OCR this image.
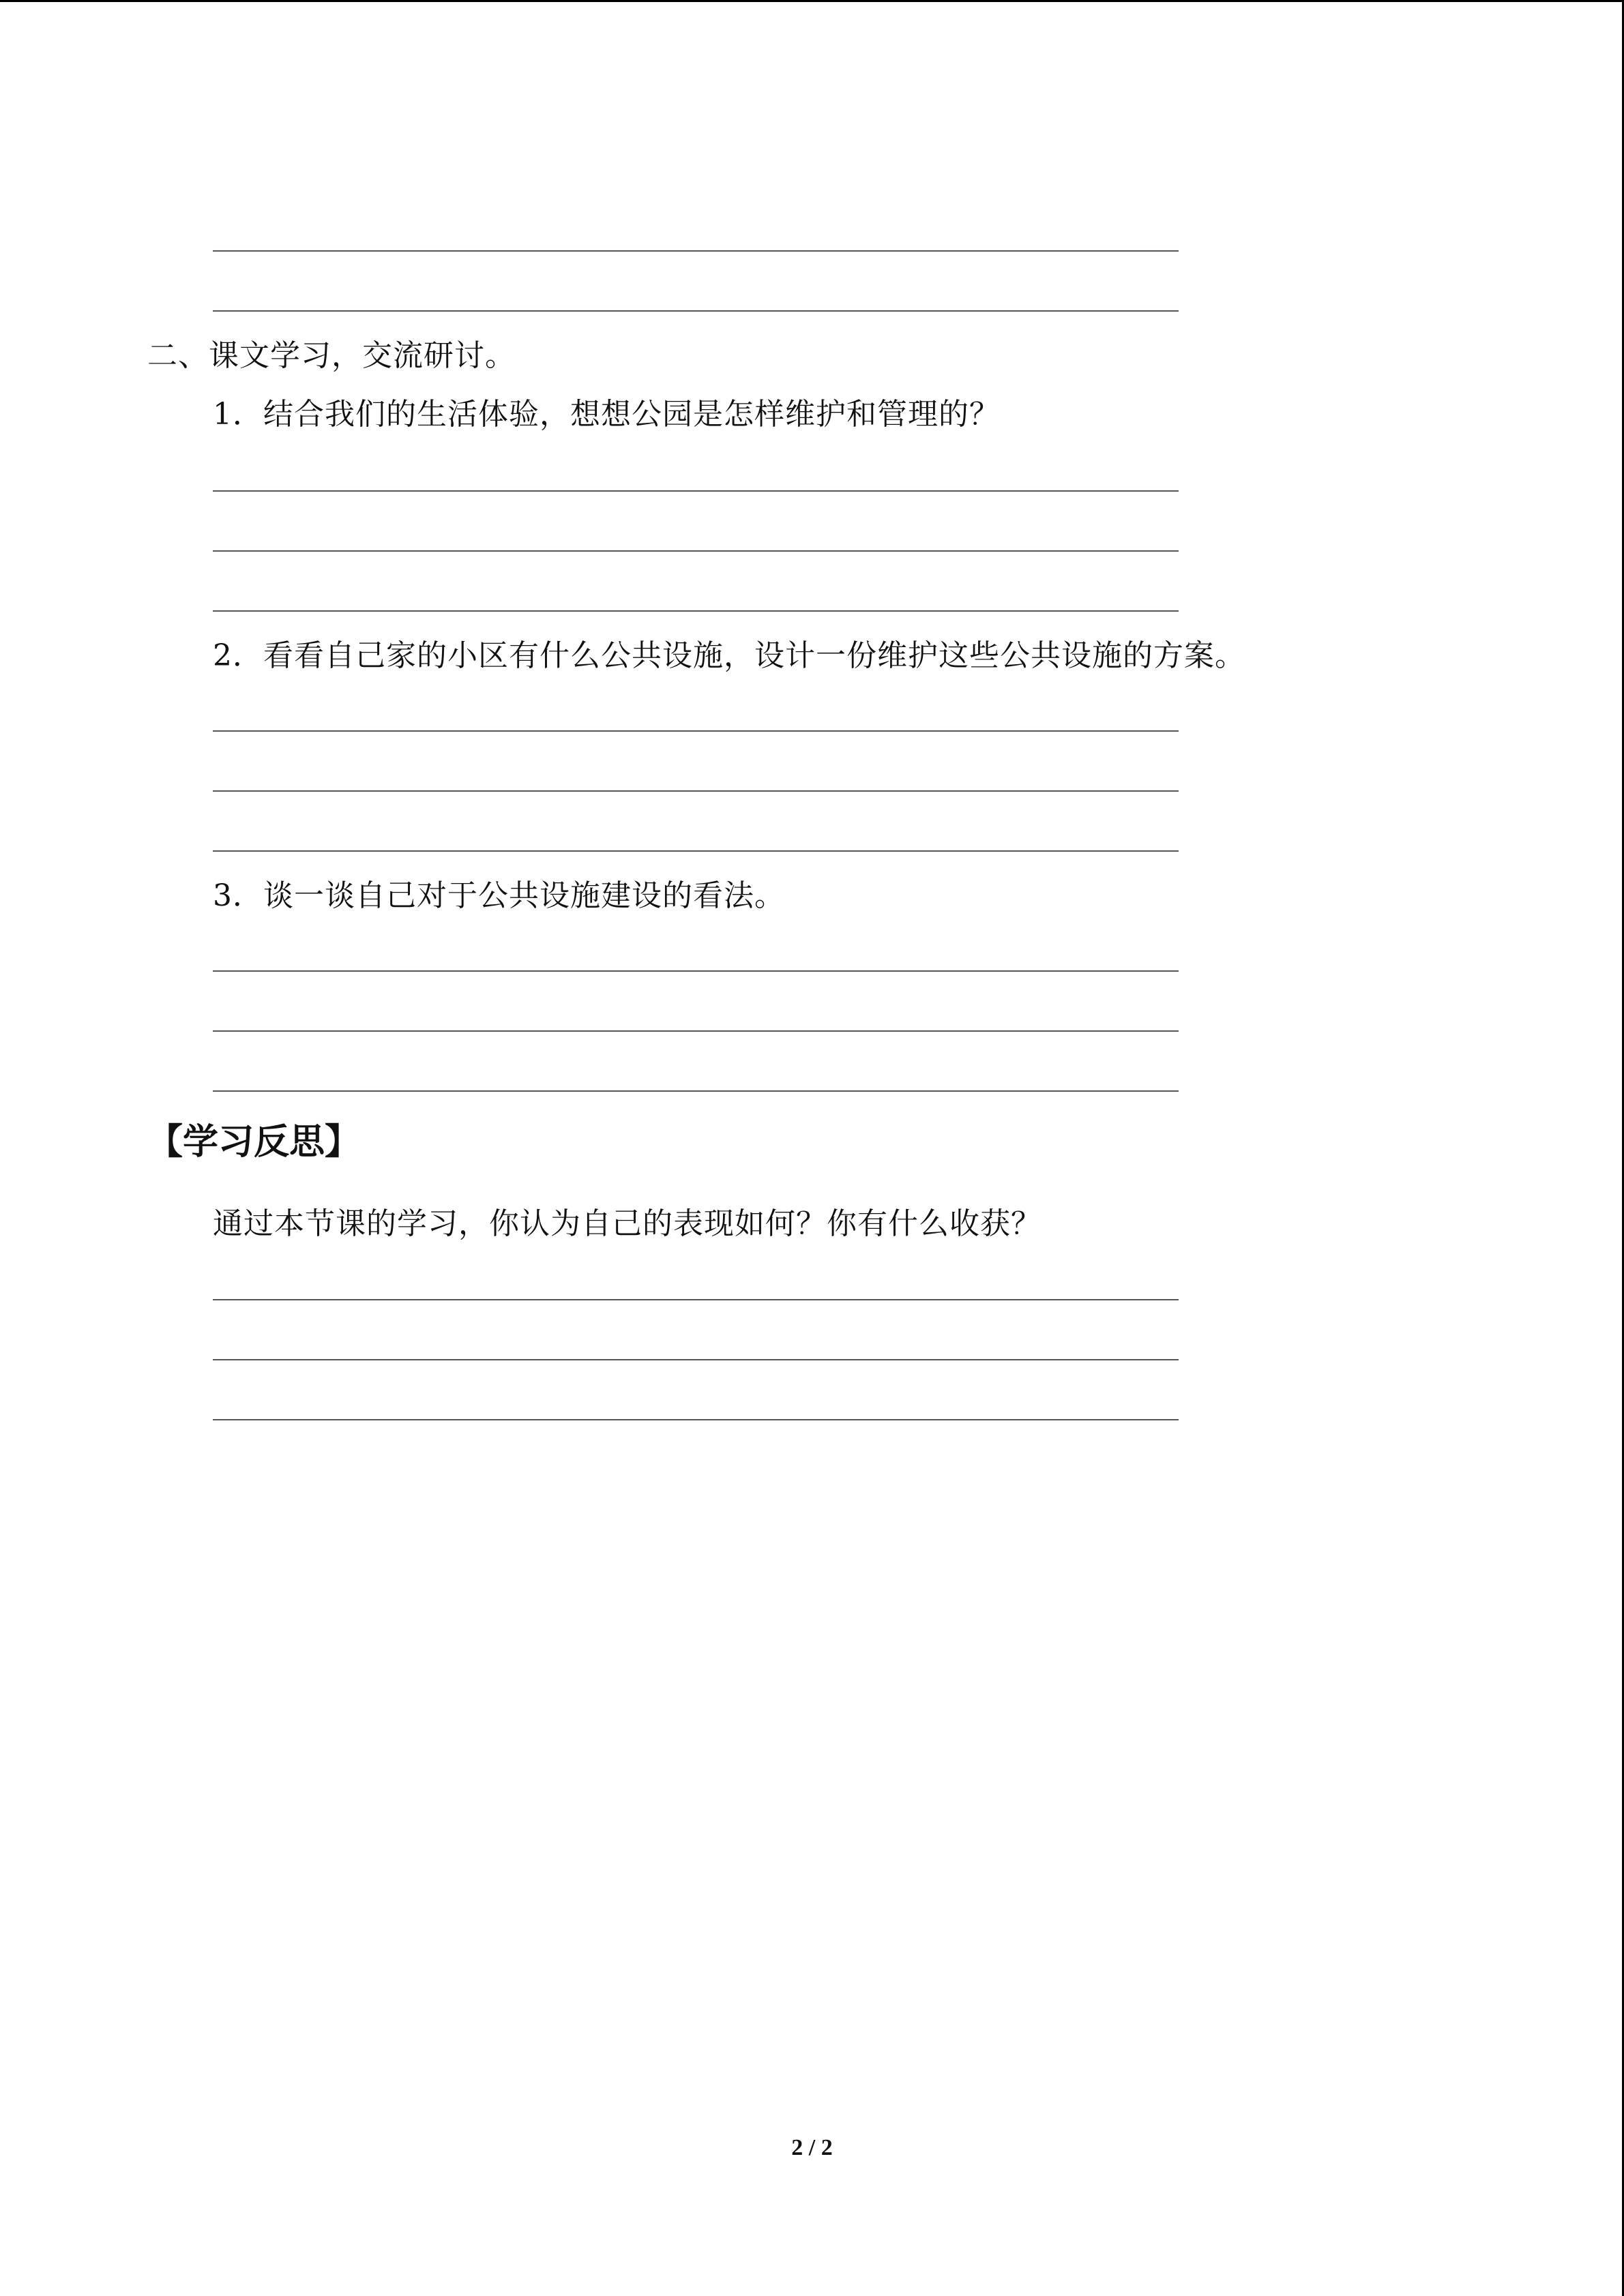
二、课文学习，交流研讨。
1．结合我们的生活体验，想想公园是怎样维护和管理的？
2．看看自己家的小区有什么公共设施，设计一份维护这些公共设施的方案。
3．谈一谈自己对于公共设施建设的看法。
【学习反思】
通过本节课的学习，你认为自己的表现如何？你有什么收获？
2 / 2
